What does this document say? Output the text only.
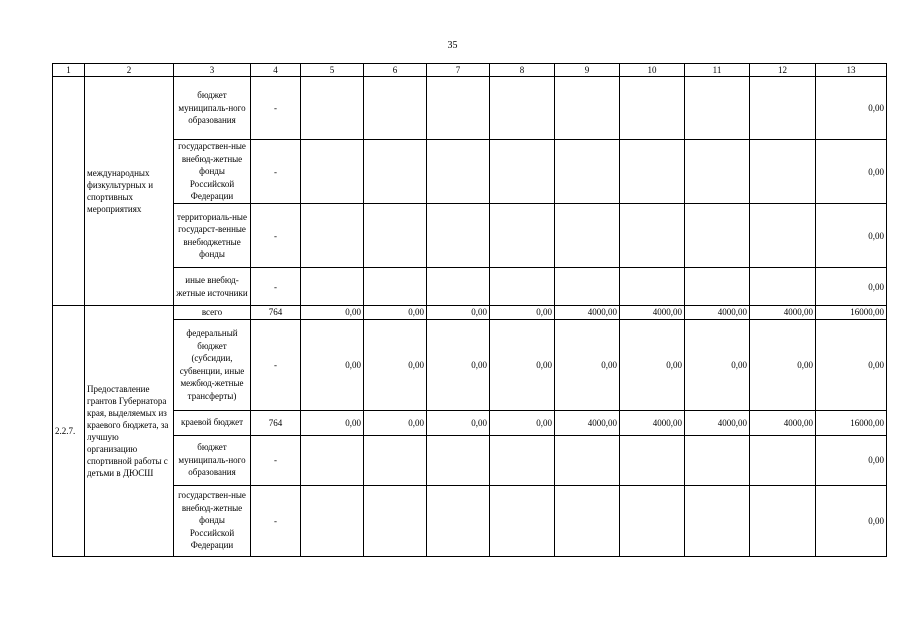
35
1	2	3	4	5	6	7	8	9	10	11	12	13
	международных физкультурных и спортивных мероприятиях	бюджет муниципаль-ного образования	-									0,00
		государствен-ные внебюд-жетные фонды Российской Федерации	-									0,00
		территориаль-ные государст-венные внебюджетные фонды	-									0,00
		иные внебюд-жетные источники	-									0,00
2.2.7.	Предоставление грантов Губернатора края, выделяемых из краевого бюджета, за лучшую организацию спортивной работы с детьми в ДЮСШ	всего	764	0,00	0,00	0,00	0,00	4000,00	4000,00	4000,00	4000,00	16000,00
		федеральный бюджет (субсидии, субвенции, иные межбюд-жетные трансферты)	-	0,00	0,00	0,00	0,00	0,00	0,00	0,00	0,00	0,00
		краевой бюджет	764	0,00	0,00	0,00	0,00	4000,00	4000,00	4000,00	4000,00	16000,00
		бюджет муниципаль-ного образования	-									0,00
		государствен-ные внебюд-жетные фонды Российской Федерации	-									0,00
